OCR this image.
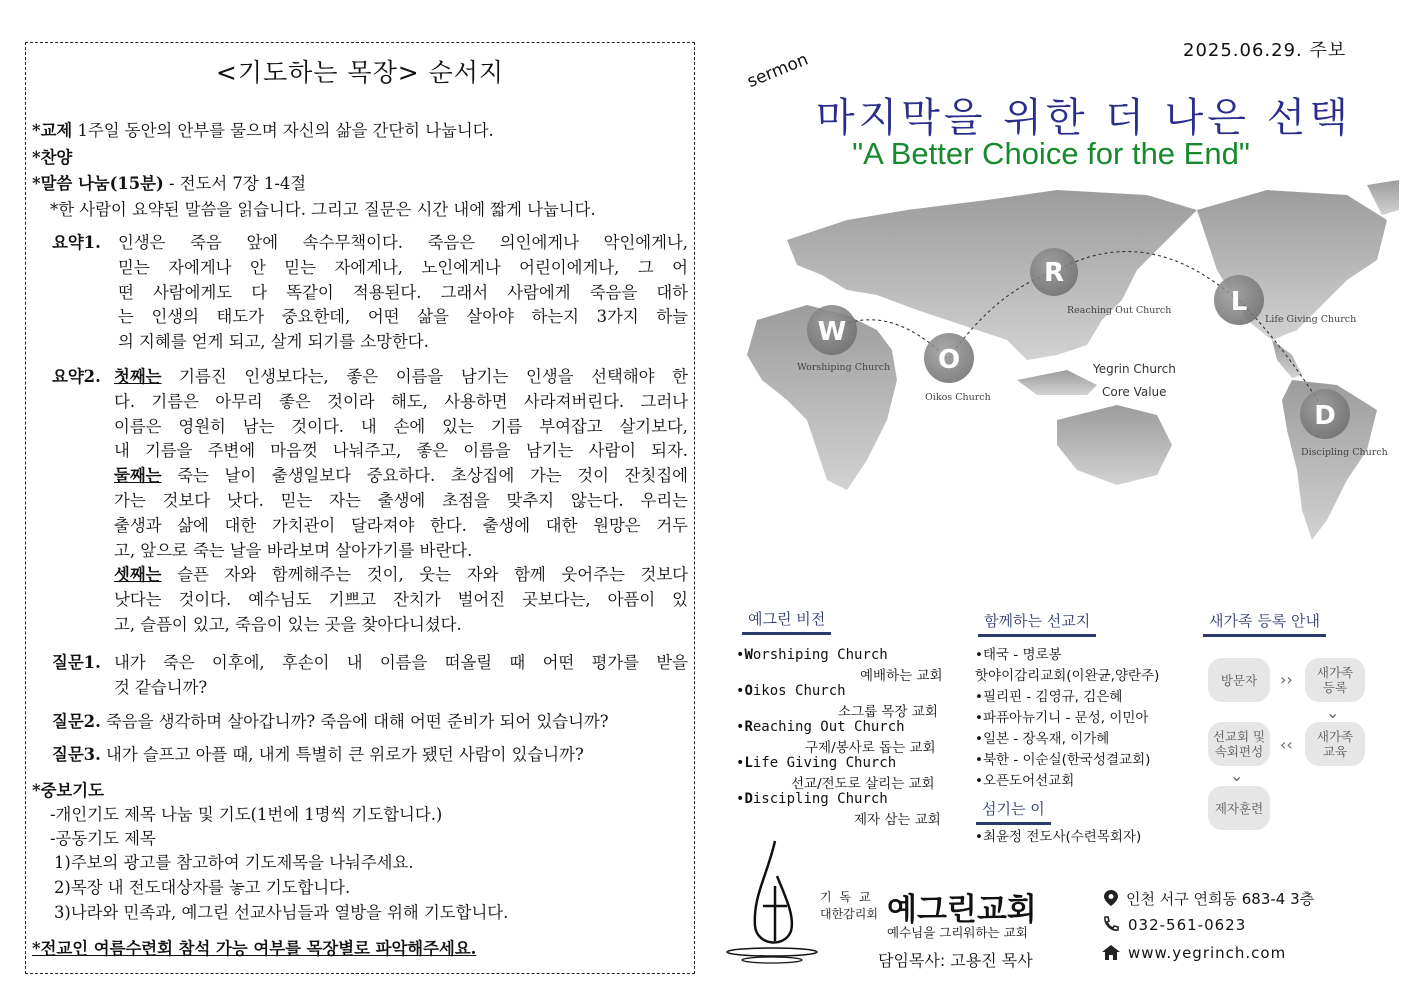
<기도하는 목장> 순서지
*교제 1주일 동안의 안부를 물으며 자신의 삶을 간단히 나눕니다.
*찬양
*말씀 나눔(15분) - 전도서 7장 1-4절
*한 사람이 요약된 말씀을 읽습니다. 그리고 질문은 시간 내에 짧게 나눕니다.
요약1. 인생은 죽음 앞에 속수무책이다. 죽음은 의인에게나 악인에게나,
믿는 자에게나 안 믿는 자에게나, 노인에게나 어린이에게나, 그 어
떤 사람에게도 다 똑같이 적용된다. 그래서 사람에게 죽음을 대하
는 인생의 태도가 중요한데, 어떤 삶을 살아야 하는지 3가지 하늘
의 지혜를 얻게 되고, 살게 되기를 소망한다.
요약2. 첫째는 기름진 인생보다는, 좋은 이름을 남기는 인생을 선택해야 한
다. 기름은 아무리 좋은 것이라 해도, 사용하면 사라져버린다. 그러나
이름은 영원히 남는 것이다. 내 손에 있는 기름 부여잡고 살기보다,
내 기름을 주변에 마음껏 나눠주고, 좋은 이름을 남기는 사람이 되자.
둘째는 죽는 날이 출생일보다 중요하다. 초상집에 가는 것이 잔칫집에
가는 것보다 낫다. 믿는 자는 출생에 초점을 맞추지 않는다. 우리는
출생과 삶에 대한 가치관이 달라져야 한다. 출생에 대한 원망은 거두
고, 앞으로 죽는 날을 바라보며 살아가기를 바란다.
셋째는 슬픈 자와 함께해주는 것이, 웃는 자와 함께 웃어주는 것보다
낫다는 것이다. 예수님도 기쁘고 잔치가 벌어진 곳보다는, 아픔이 있
고, 슬픔이 있고, 죽음이 있는 곳을 찾아다니셨다.
질문1. 내가 죽은 이후에, 후손이 내 이름을 떠올릴 때 어떤 평가를 받을
것 같습니까?
질문2. 죽음을 생각하며 살아갑니까? 죽음에 대해 어떤 준비가 되어 있습니까?
질문3. 내가 슬프고 아플 때, 내게 특별히 큰 위로가 됐던 사람이 있습니까?
*중보기도
-개인기도 제목 나눔 및 기도(1번에 1명씩 기도합니다.)
-공동기도 제목
1)주보의 광고를 참고하여 기도제목을 나눠주세요.
2)목장 내 전도대상자를 놓고 기도합니다.
3)나라와 민족과, 예그린 선교사님들과 열방을 위해 기도합니다.
*전교인 여름수련회 참석 가능 여부를 목장별로 파악해주세요.
2025.06.29. 주보
sermon
마지막을 위한 더 나은 선택
"A Better Choice for the End"
W
O
R
L
D
Worshiping Church
Oikos Church
Reaching Out Church
Life Giving Church
Discipling Church
Yegrin Church
Core Value
예그린 비전
•Worshiping Church
예배하는 교회
•Oikos Church
소그룹 목장 교회
•Reaching Out Church
구제/봉사로 돕는 교회
•Life Giving Church
선교/전도로 살리는 교회
•Discipling Church
제자 삼는 교회
함께하는 선교지
•태국 - 명로봉
핫야이감리교회(이완균,양란주)
•필리핀 - 김영규, 김은혜
•파퓨아뉴기니 - 문성, 이민아
•일본 - 장옥재, 이가혜
•북한 - 이순실(한국성결교회)
•오픈도어선교회
섬기는 이
•최윤정 전도사(수련목회자)
새가족 등록 안내
방문자	››	새가족
등록
⌄
새가족
교육
‹‹
선교회 및
속회편성
⌄
제자훈련
기 독 교
대한감리회 예그린교회
예수님을 그리워하는 교회
담임목사: 고용진 목사
인천 서구 연희동 683-4 3층
032-561-0623
www.yegrinch.com
